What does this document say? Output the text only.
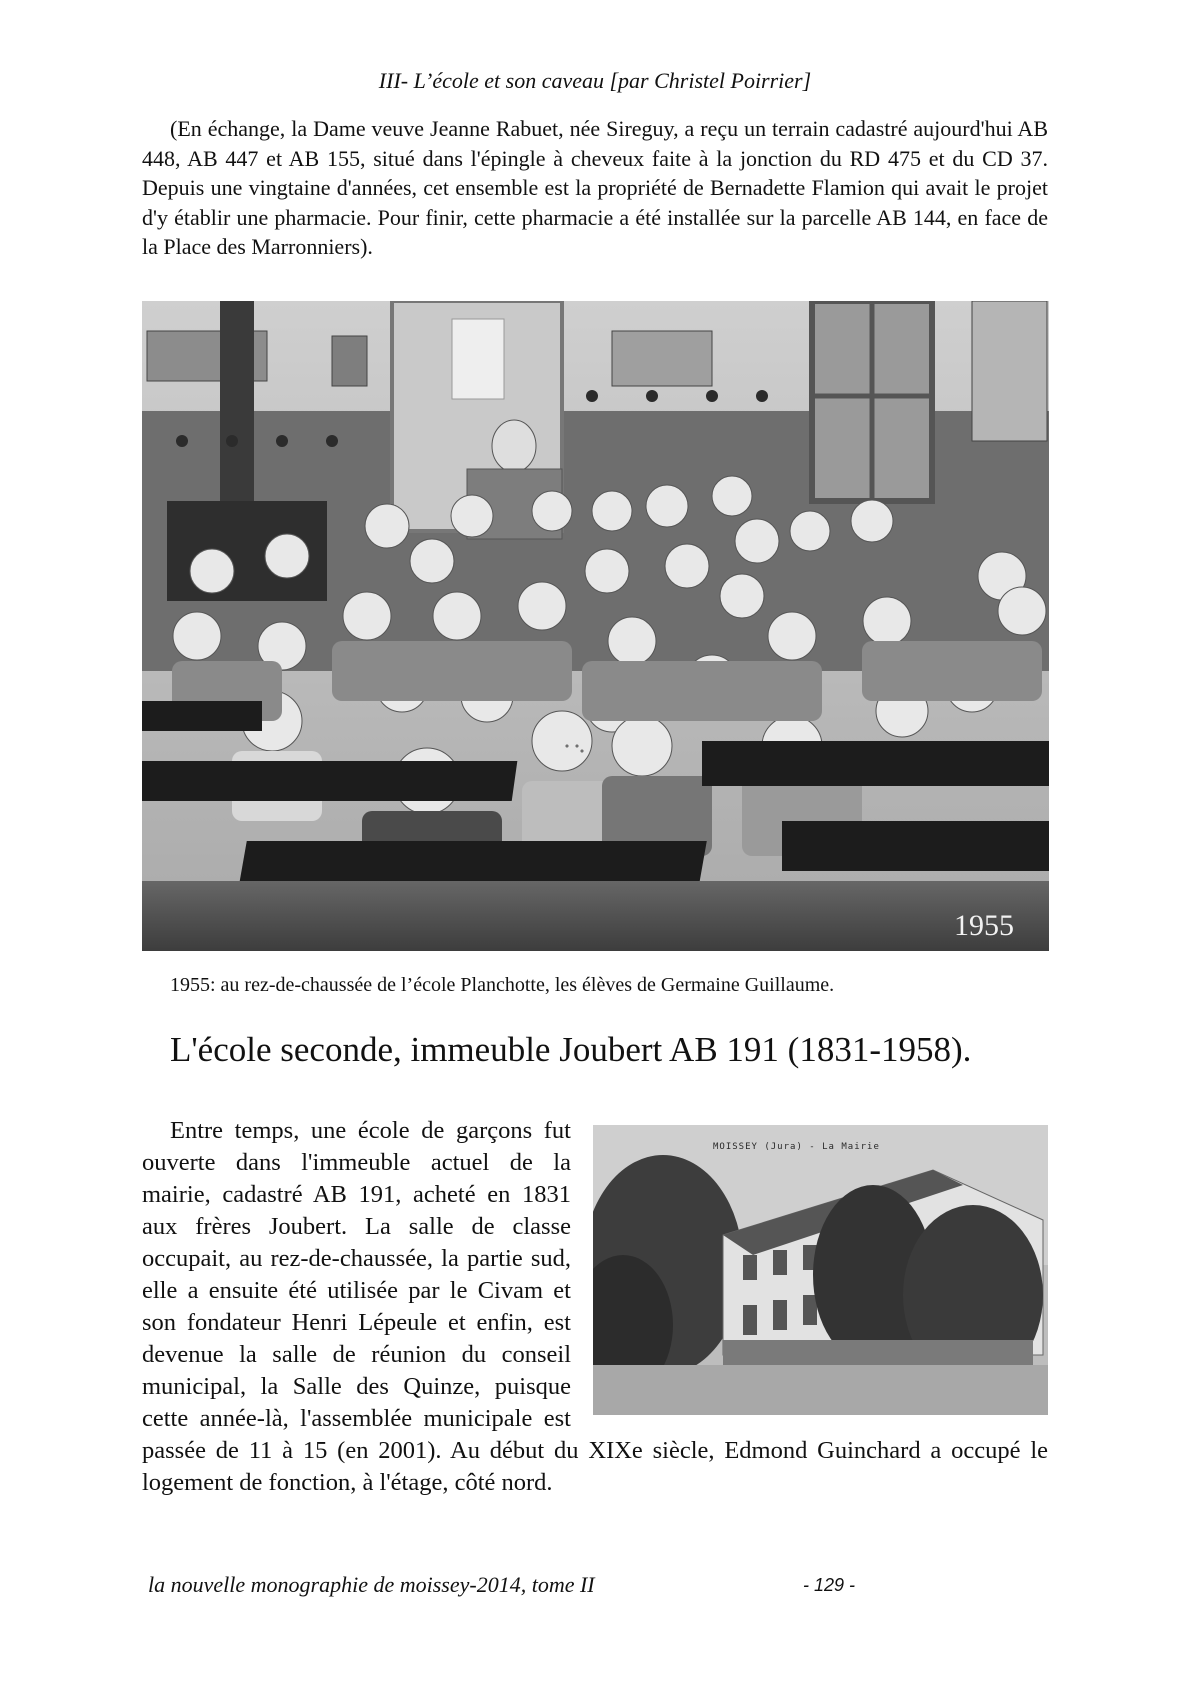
III- L’école et son caveau [par Christel Poirrier]

(En échange, la Dame veuve Jeanne Rabuet, née Sireguy, a reçu un terrain cadastré aujourd'hui AB 448, AB 447 et AB 155, situé dans l'épingle à cheveux faite à la jonction du RD 475 et du CD 37. Depuis une vingtaine d'années, cet ensemble est la propriété de Bernadette Flamion qui avait le projet d'y établir une pharmacie. Pour finir, cette pharmacie a été installée sur la parcelle AB 144, en face de la Place des Marronniers).

1955
1955: au rez-de-chaussée de l’école Planchotte, les élèves de Germaine Guillaume.
L'école seconde, immeuble Joubert AB 191 (1831-1958).

MOISSEY (Jura) - La Mairie
Entre temps, une école de garçons fut ouverte dans l'immeuble actuel de la mairie, cadastré AB 191, acheté en 1831 aux frères Joubert. La salle de classe occupait, au rez-de-chaussée, la partie sud, elle a ensuite été utilisée par le Civam et son fondateur Henri Lépeule et enfin, est devenue la salle de réunion du conseil municipal, la Salle des Quinze, puisque cette année-là, l'assemblée municipale est passée de 11 à 15 (en 2001). Au début du XIXe siècle, Edmond Guinchard a occupé le logement de fonction, à l'étage, côté nord.

la nouvelle monographie de moissey-2014, tome II	- 129 -
